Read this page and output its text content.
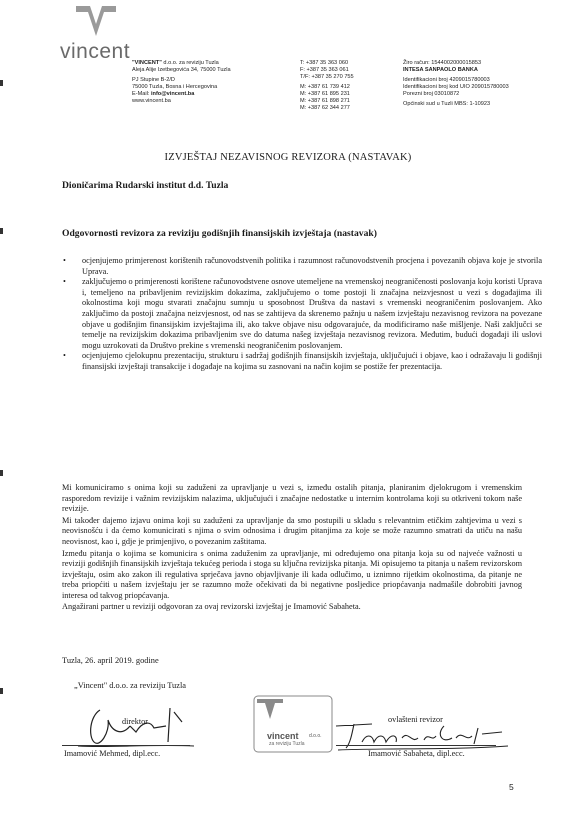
vincent "VINCENT" d.o.o. za reviziju Tuzla
Aleja Alije Izetbegovića 34, 75000 Tuzla
PJ Stupine B-2/D
75000 Tuzla, Bosna i Hercegovina
E-Mail: info@vincent.ba
www.vincent.ba
T: +387 35 363 060
F: +387 35 363 061
T/F: +387 35 270 755
M: +387 61 739 412
M: +387 61 895 231
M: +387 61 898 271
M: +387 62 344 277
Žiro račun: 1544002000015853
INTESA SANPAOLO BANKA
Identifikacioni broj 4209015780003
Identifikacioni broj kod UIO 209015780003
Porezni broj 03010872
Općinski sud u Tuzli MBS: 1-10923
IZVJEŠTAJ NEZAVISNOG REVIZORA (NASTAVAK)
Dioničarima Rudarski institut d.d. Tuzla
Odgovornosti revizora za reviziju godišnjih finansijskih izvještaja (nastavak)
• ocjenjujemo primjerenost korištenih računovodstvenih politika i razumnost računovodstvenih procjena i povezanih objava koje je stvorila Uprava.
• zaključujemo o primjerenosti korištene računovodstvene osnove utemeljene na vremenskoj neograničenosti poslovanja koju koristi Uprava i, temeljeno na pribavljenim revizijskim dokazima, zaključujemo o tome postoji li značajna neizvjesnost u vezi s događajima ili okolnostima koji mogu stvarati značajnu sumnju u sposobnost Društva da nastavi s vremenski neograničenim poslovanjem. Ako zaključimo da postoji značajna neizvjesnost, od nas se zahtijeva da skrenemo pažnju u našem izvještaju nezavisnog revizora na povezane objave u godišnjim finansijskim izvještajima ili, ako takve objave nisu odgovarajuće, da modificiramo naše mišljenje. Naši zaključci se temelje na revizijskim dokazima pribavljenim sve do datuma našeg izvještaja nezavisnog revizora. Međutim, budući događaji ili uslovi mogu uzrokovati da Društvo prekine s vremenski neograničenim poslovanjem.
• ocjenjujemo cjelokupnu prezentaciju, strukturu i sadržaj godišnjih finansijskih izvještaja, uključujući i objave, kao i odražavaju li godišnji finansijski izvještaji transakcije i događaje na kojima su zasnovani na način kojim se postiže fer prezentacija.

Mi komuniciramo s onima koji su zaduženi za upravljanje u vezi s, između ostalih pitanja, planiranim djelokrugom i vremenskim rasporedom revizije i važnim revizijskim nalazima, uključujući i značajne nedostatke u internim kontrolama koji su otkriveni tokom naše revizije.

Mi također dajemo izjavu onima koji su zaduženi za upravljanje da smo postupili u skladu s relevantnim etičkim zahtjevima u vezi s neovisnošću i da ćemo komunicirati s njima o svim odnosima i drugim pitanjima za koje se može razumno smatrati da utiču na našu neovisnost, kao i, gdje je primjenjivo, o povezanim zaštitama.

Između pitanja o kojima se komunicira s onima zaduženim za upravljanje, mi određujemo ona pitanja koja su od najveće važnosti u reviziji godišnjih finansijskih izvještaja tekućeg perioda i stoga su ključna revizijska pitanja. Mi opisujemo ta pitanja u našem revizorskom izvještaju, osim ako zakon ili regulativa sprječava javno objavljivanje ili kada odlučimo, u iznimno rijetkim okolnostima, da pitanje ne treba priopćiti u našem izvještaju jer se razumno može očekivati da bi negativne posljedice priopćavanja nadmašile dobrobiti javnog interesa od takvog priopćavanja.

Angažirani partner u reviziji odgovoran za ovaj revizorski izvještaj je Imamović Sabaheta.

Tuzla, 26. april 2019. godine
„Vincent" d.o.o. za reviziju Tuzla
direktor
Imamović Mehmed, dipl.ecc.
vincent d.o.o.
za reviziju Tuzla
ovlašteni revizor
Imamović Sabaheta, dipl.ecc.
5
